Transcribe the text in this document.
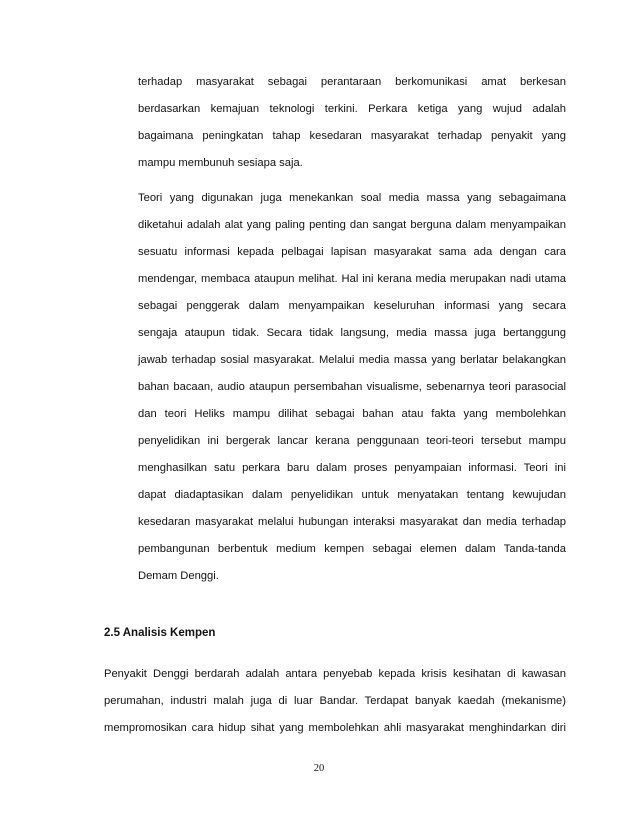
terhadap masyarakat sebagai perantaraan berkomunikasi amat berkesan
berdasarkan kemajuan teknologi terkini. Perkara ketiga yang wujud adalah
bagaimana peningkatan tahap kesedaran masyarakat terhadap penyakit yang
mampu membunuh sesiapa saja.
Teori yang digunakan juga menekankan soal media massa yang sebagaimana
diketahui adalah alat yang paling penting dan sangat berguna dalam menyampaikan
sesuatu informasi kepada pelbagai lapisan masyarakat sama ada dengan cara
mendengar, membaca ataupun melihat. Hal ini kerana media merupakan nadi utama
sebagai penggerak dalam menyampaikan keseluruhan informasi yang secara
sengaja ataupun tidak. Secara tidak langsung, media massa juga bertanggung
jawab terhadap sosial masyarakat. Melalui media massa yang berlatar belakangkan
bahan bacaan, audio ataupun persembahan visualisme, sebenarnya teori parasocial
dan teori Heliks mampu dilihat sebagai bahan atau fakta yang membolehkan
penyelidikan ini bergerak lancar kerana penggunaan teori-teori tersebut mampu
menghasilkan satu perkara baru dalam proses penyampaian informasi. Teori ini
dapat diadaptasikan dalam penyelidikan untuk menyatakan tentang kewujudan
kesedaran masyarakat melalui hubungan interaksi masyarakat dan media terhadap
pembangunan berbentuk medium kempen sebagai elemen dalam Tanda-tanda
Demam Denggi.
2.5 Analisis Kempen
Penyakit Denggi berdarah adalah antara penyebab kepada krisis kesihatan di kawasan
perumahan, industri malah juga di luar Bandar. Terdapat banyak kaedah (mekanisme)
mempromosikan cara hidup sihat yang membolehkan ahli masyarakat menghindarkan diri
20
